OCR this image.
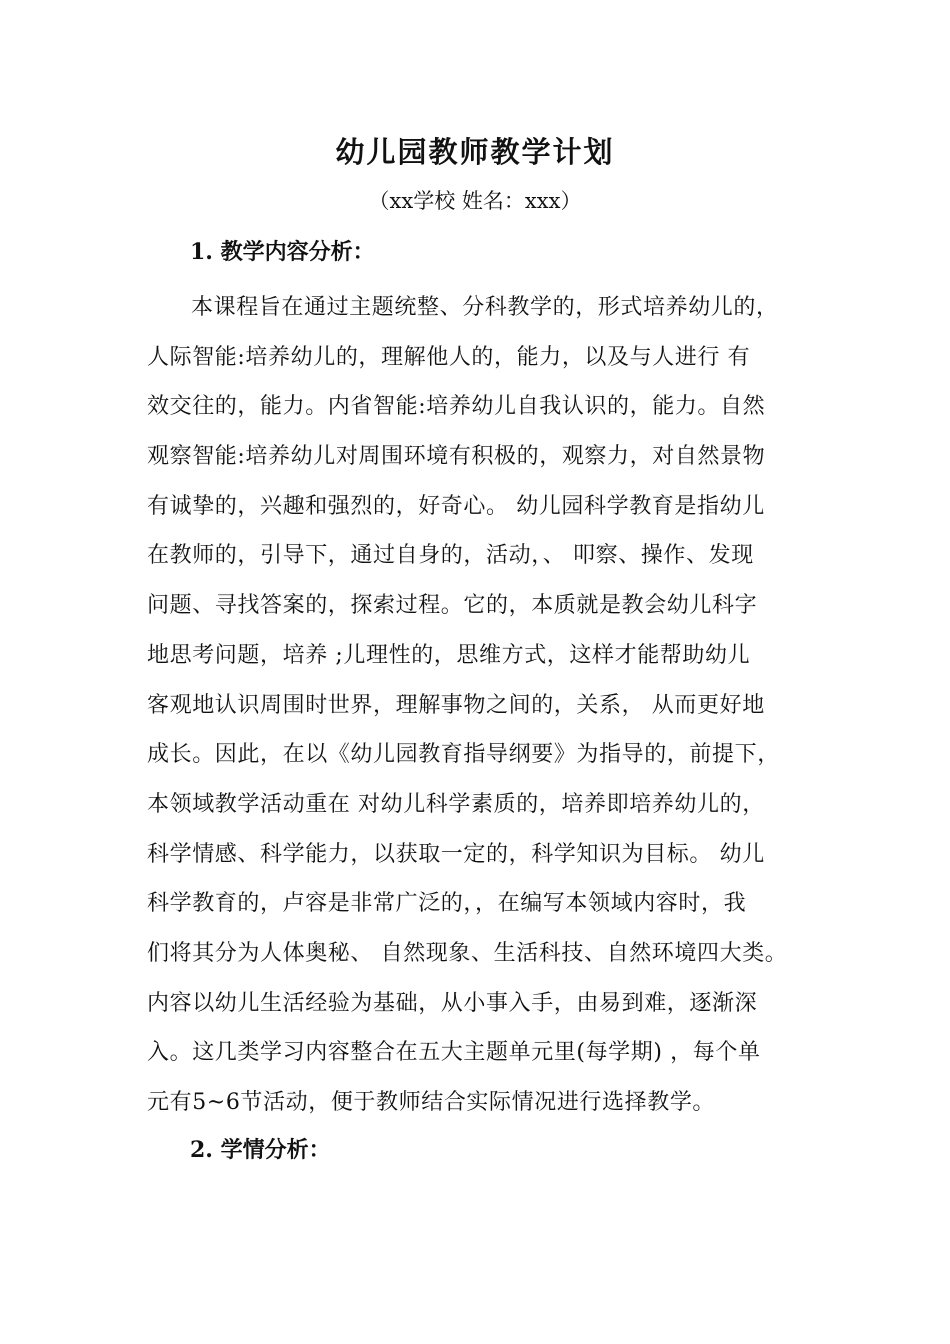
幼儿园教师教学计划

（xx学校 姓名：xxx）

1. 教学内容分析：
本课程旨在通过主题统整、分科教学的，形式培养幼儿的，
人际智能:培养幼儿的，理解他人的，能力，以及与人进行 有
效交往的，能力。内省智能:培养幼儿自我认识的，能力。自然
观察智能:培养幼儿对周围环境有积极的，观察力，对自然景物
有诚挚的，兴趣和强烈的，好奇心。 幼儿园科学教育是指幼儿
在教师的，引导下，通过自身的，活动，、 叩察、操作、发现
问题、寻找答案的，探索过程。它的，本质就是教会幼儿科字
地思考问题，培养 ;儿理性的，思维方式，这样才能帮助幼儿
客观地认识周围时世界，理解事物之间的，关系， 从而更好地
成长。因此，在以《幼儿园教育指导纲要》为指导的，前提下，
本领域教学活动重在 对幼儿科学素质的，培养即培养幼儿的，
科学情感、科学能力，以获取一定的，科学知识为目标。 幼儿
科学教育的，卢容是非常广泛的，，在编写本领域内容时，我
们将其分为人体奥秘、 自然现象、生活科技、自然环境四大类。
内容以幼儿生活经验为基础，从小事入手，由易到难，逐渐深
入。这几类学习内容整合在五大主题单元里(每学期) ，每个单
元有5~6节活动，便于教师结合实际情况进行选择教学。
2. 学情分析：
